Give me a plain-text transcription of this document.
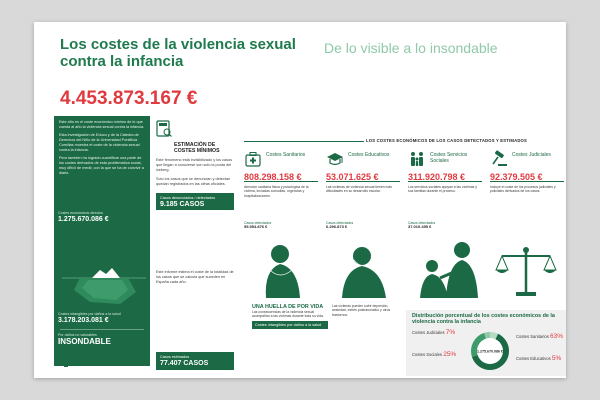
Los costes de la violencia sexual contra la infancia
De lo visible a lo insondable
4.453.873.167 €

Este año es el coste económico mínimo de lo que cuesta al año la violencia sexual contra la infancia.

Esta investigación de Educo y de la Cátedra de Derechos del Niño de la Universidad Pontificia Comillas muestra el coste de la violencia sexual contra la infancia.

Pero también ha logrado cuantificar una parte de los costes derivados de esta problemática social, muy difícil de medir, con la que se ha de convivir a diario.

Costes económicos directos
1.275.670.086 €
Costes intangibles por daños a la salud
3.178.203.081 €
Por daños no valorables
INSONDABLE
ESTIMACIÓN DE COSTES MÍNIMOS
Este fenómeno está invisibilizado y los casos que llegan a conocerse son solo la punta del iceberg.
Solo los casos que se denuncian y detectan quedan registrados en las cifras oficiales.
Casos denunciados / detectados
9.185 CASOS
Este informe estima el coste de la totalidad de los casos que se calcula que suceden en España cada año.
Casos estimados
77.407 CASOS
LOS COSTES ECONÓMICOS DE LOS CASOS DETECTADOS Y ESTIMADOS
Costes Sanitarios
808.298.158 €
Atención sanitaria física y psicológica de la víctima, incluidas consultas, urgencias y hospitalizaciones.
Casos detectados
95.954.876 €
Costes Educativos
53.071.625 €
Las víctimas de violencia sexual tienen más dificultades en su desarrollo escolar.
Casos detectados
6.296.873 €
Costes Servicios Sociales
311.920.798 €
Los servicios sociales apoyan a las víctimas y sus familias durante el proceso.
Casos detectados
37.010.455 €
Costes Judiciales
92.379.505 €
Incluye el coste de los procesos judiciales y policiales derivados de los casos.
UNA HUELLA DE POR VIDA
Las consecuencias de la violencia sexual acompañan a las víctimas durante toda su vida.
Costes intangibles por daños a la salud
Las víctimas pueden sufrir depresión, ansiedad, estrés postraumático y otros trastornos.	Distribución porcentual de los costes económicos de la violencia contra la infancia
Costes Judiciales 7%
Costes Sanitarios 63%
Costes Sociales 25%
Costes Educativos 5%
1.275.670.086 €
